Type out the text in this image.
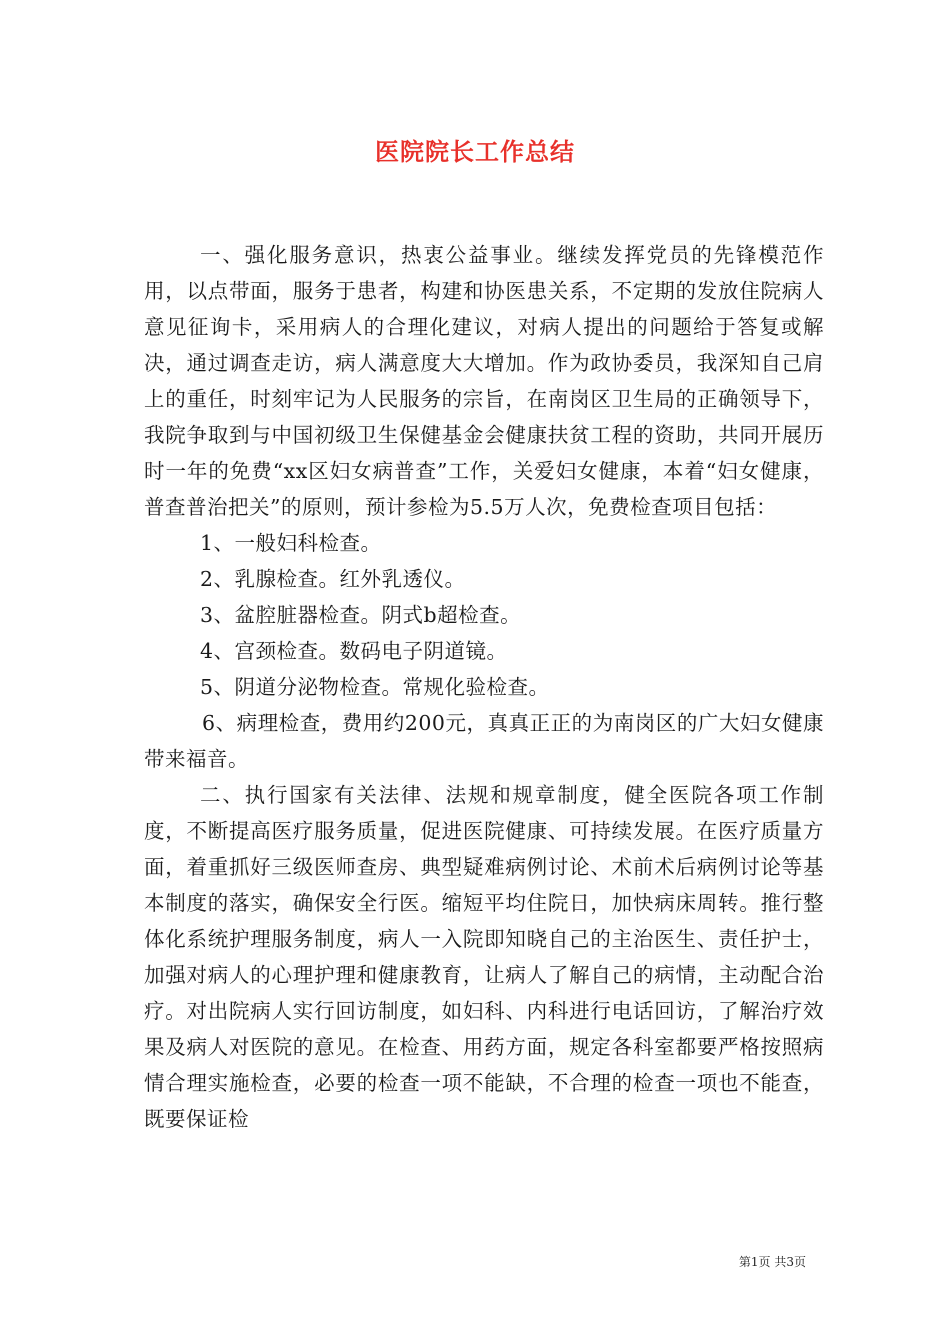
医院院长工作总结

一、强化服务意识，热衷公益事业。继续发挥党员的先锋模范作用，以点带面，服务于患者，构建和协医患关系，不定期的发放住院病人意见征询卡，采用病人的合理化建议，对病人提出的问题给于答复或解决，通过调查走访，病人满意度大大增加。作为政协委员，我深知自己肩上的重任，时刻牢记为人民服务的宗旨，在南岗区卫生局的正确领导下，我院争取到与中国初级卫生保健基金会健康扶贫工程的资助，共同开展历时一年的免费“xx区妇女病普查”工作，关爱妇女健康，本着“妇女健康，普查普治把关”的原则，预计参检为5.5万人次，免费检查项目包括：

1、一般妇科检查。

2、乳腺检查。红外乳透仪。

3、盆腔脏器检查。阴式b超检查。

4、宫颈检查。数码电子阴道镜。

5、阴道分泌物检查。常规化验检查。

6、病理检查，费用约200元，真真正正的为南岗区的广大妇女健康带来福音。

二、执行国家有关法律、法规和规章制度，健全医院各项工作制度，不断提高医疗服务质量，促进医院健康、可持续发展。在医疗质量方面，着重抓好三级医师查房、典型疑难病例讨论、术前术后病例讨论等基本制度的落实，确保安全行医。缩短平均住院日，加快病床周转。推行整体化系统护理服务制度，病人一入院即知晓自己的主治医生、责任护士，加强对病人的心理护理和健康教育，让病人了解自己的病情，主动配合治疗。对出院病人实行回访制度，如妇科、内科进行电话回访，了解治疗效果及病人对医院的意见。在检查、用药方面，规定各科室都要严格按照病情合理实施检查，必要的检查一项不能缺，不合理的检查一项也不能查，既要保证检

第1页 共3页
